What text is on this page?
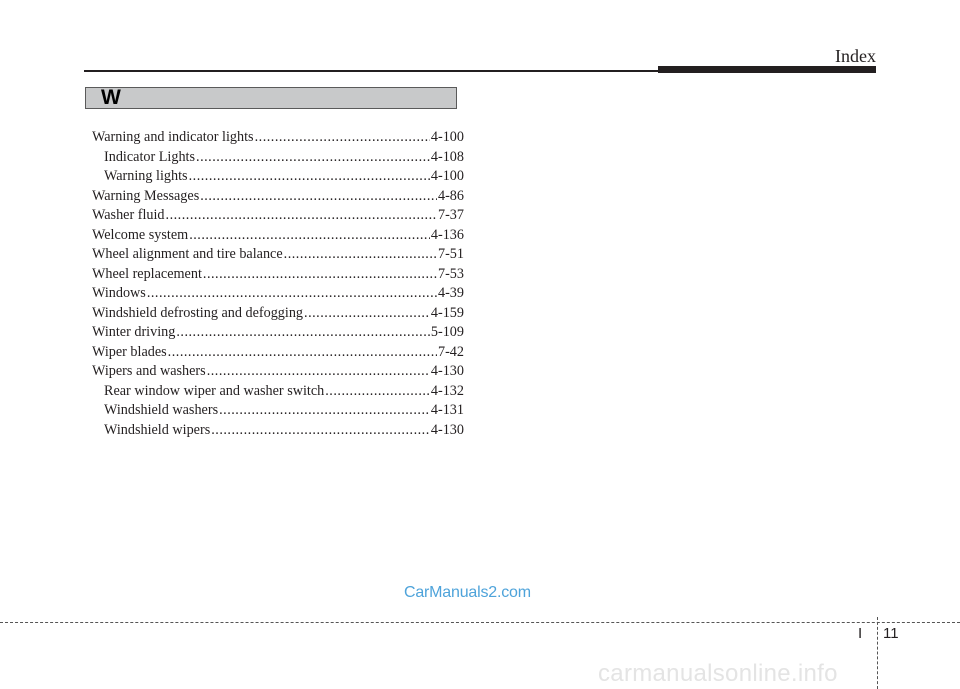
Index
W
Warning and indicator lights .....	4-100
Indicator Lights .....	4-108
Warning lights .....	4-100
Warning Messages .....	4-86
Washer fluid .....	7-37
Welcome system .....	4-136
Wheel alignment and tire balance .....	7-51
Wheel replacement .....	7-53
Windows .....	4-39
Windshield defrosting and defogging .....	4-159
Winter driving .....	5-109
Wiper blades .....	7-42
Wipers and washers .....	4-130
Rear window wiper and washer switch .....	4-132
Windshield washers .....	4-131
Windshield wipers .....	4-130
CarManuals2.com
I 11
carmanualsonline.info
